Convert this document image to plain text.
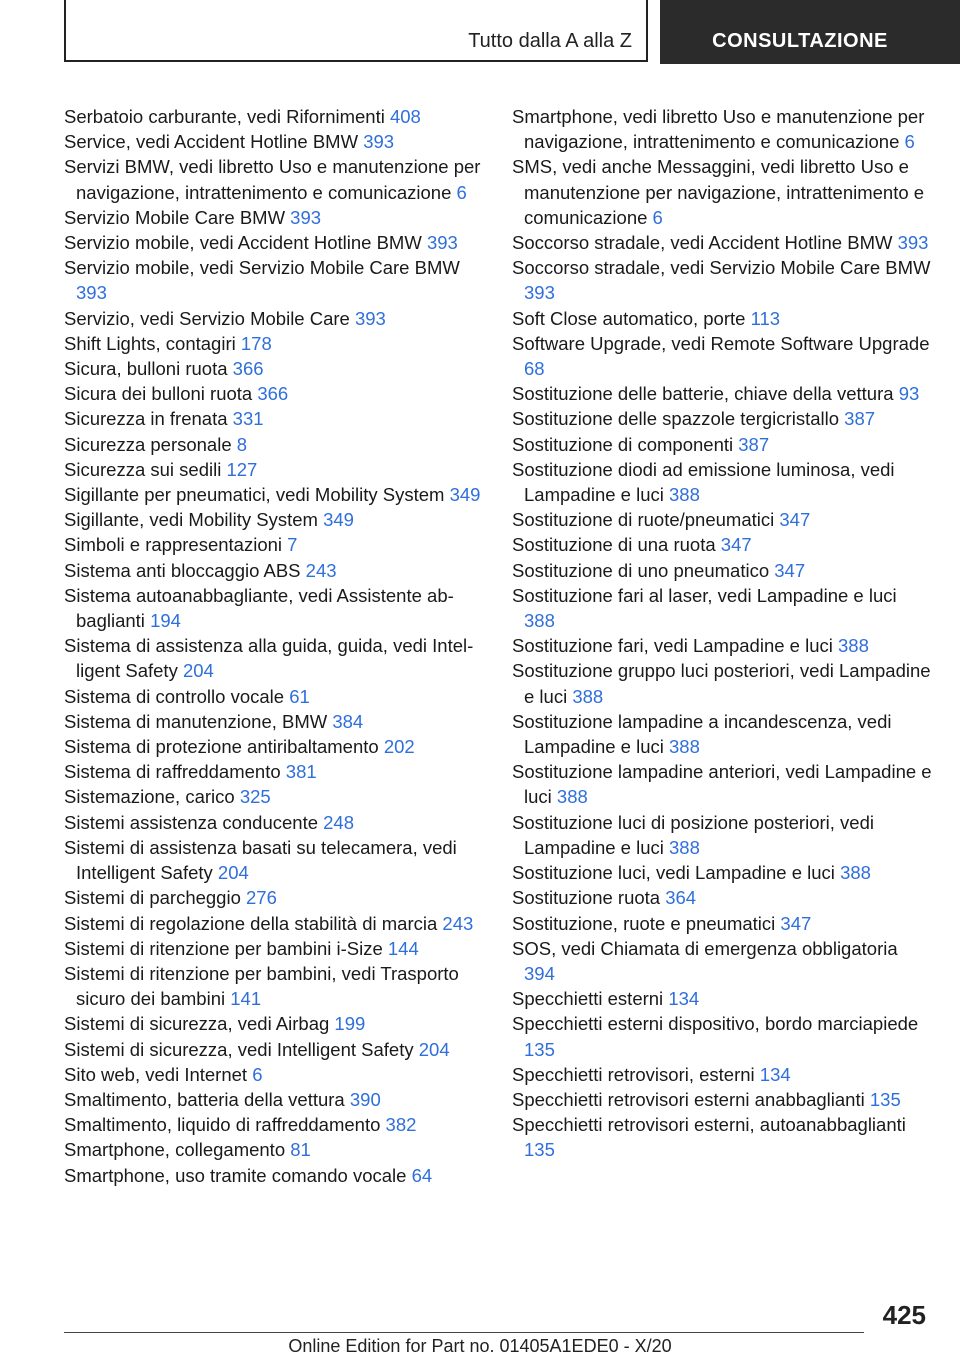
Tutto dalla A alla Z	CONSULTAZIONE
Serbatoio carburante, vedi Rifornimenti 408
Service, vedi Accident Hotline BMW 393
Servizi BMW, vedi libretto Uso e manutenzione per navigazione, intrattenimento e comunicazione 6
Servizio Mobile Care BMW 393
Servizio mobile, vedi Accident Hotline BMW 393
Servizio mobile, vedi Servizio Mobile Care BMW 393
Servizio, vedi Servizio Mobile Care 393
Shift Lights, contagiri 178
Sicura, bulloni ruota 366
Sicura dei bulloni ruota 366
Sicurezza in frenata 331
Sicurezza personale 8
Sicurezza sui sedili 127
Sigillante per pneumatici, vedi Mobility System 349
Sigillante, vedi Mobility System 349
Simboli e rappresentazioni 7
Sistema anti bloccaggio ABS 243
Sistema autoanabbagliante, vedi Assistente abbaglianti 194
Sistema di assistenza alla guida, guida, vedi Intelligent Safety 204
Sistema di controllo vocale 61
Sistema di manutenzione, BMW 384
Sistema di protezione antiribaltamento 202
Sistema di raffreddamento 381
Sistemazione, carico 325
Sistemi assistenza conducente 248
Sistemi di assistenza basati su telecamera, vedi Intelligent Safety 204
Sistemi di parcheggio 276
Sistemi di regolazione della stabilità di marcia 243
Sistemi di ritenzione per bambini i-Size 144
Sistemi di ritenzione per bambini, vedi Trasporto sicuro dei bambini 141
Sistemi di sicurezza, vedi Airbag 199
Sistemi di sicurezza, vedi Intelligent Safety 204
Sito web, vedi Internet 6
Smaltimento, batteria della vettura 390
Smaltimento, liquido di raffreddamento 382
Smartphone, collegamento 81
Smartphone, uso tramite comando vocale 64
Smartphone, vedi libretto Uso e manutenzione per navigazione, intrattenimento e comunicazione 6
SMS, vedi anche Messaggini, vedi libretto Uso e manutenzione per navigazione, intrattenimento e comunicazione 6
Soccorso stradale, vedi Accident Hotline BMW 393
Soccorso stradale, vedi Servizio Mobile Care BMW 393
Soft Close automatico, porte 113
Software Upgrade, vedi Remote Software Upgrade 68
Sostituzione delle batterie, chiave della vettura 93
Sostituzione delle spazzole tergicristallo 387
Sostituzione di componenti 387
Sostituzione diodi ad emissione luminosa, vedi Lampadine e luci 388
Sostituzione di ruote/pneumatici 347
Sostituzione di una ruota 347
Sostituzione di uno pneumatico 347
Sostituzione fari al laser, vedi Lampadine e luci 388
Sostituzione fari, vedi Lampadine e luci 388
Sostituzione gruppo luci posteriori, vedi Lampadine e luci 388
Sostituzione lampadine a incandescenza, vedi Lampadine e luci 388
Sostituzione lampadine anteriori, vedi Lampadine e luci 388
Sostituzione luci di posizione posteriori, vedi Lampadine e luci 388
Sostituzione luci, vedi Lampadine e luci 388
Sostituzione ruota 364
Sostituzione, ruote e pneumatici 347
SOS, vedi Chiamata di emergenza obbligatoria 394
Specchietti esterni 134
Specchietti esterni dispositivo, bordo marciapiede 135
Specchietti retrovisori, esterni 134
Specchietti retrovisori esterni anabbaglianti 135
Specchietti retrovisori esterni, autoanabbaglianti 135
425
Online Edition for Part no. 01405A1EDE0 - X/20
